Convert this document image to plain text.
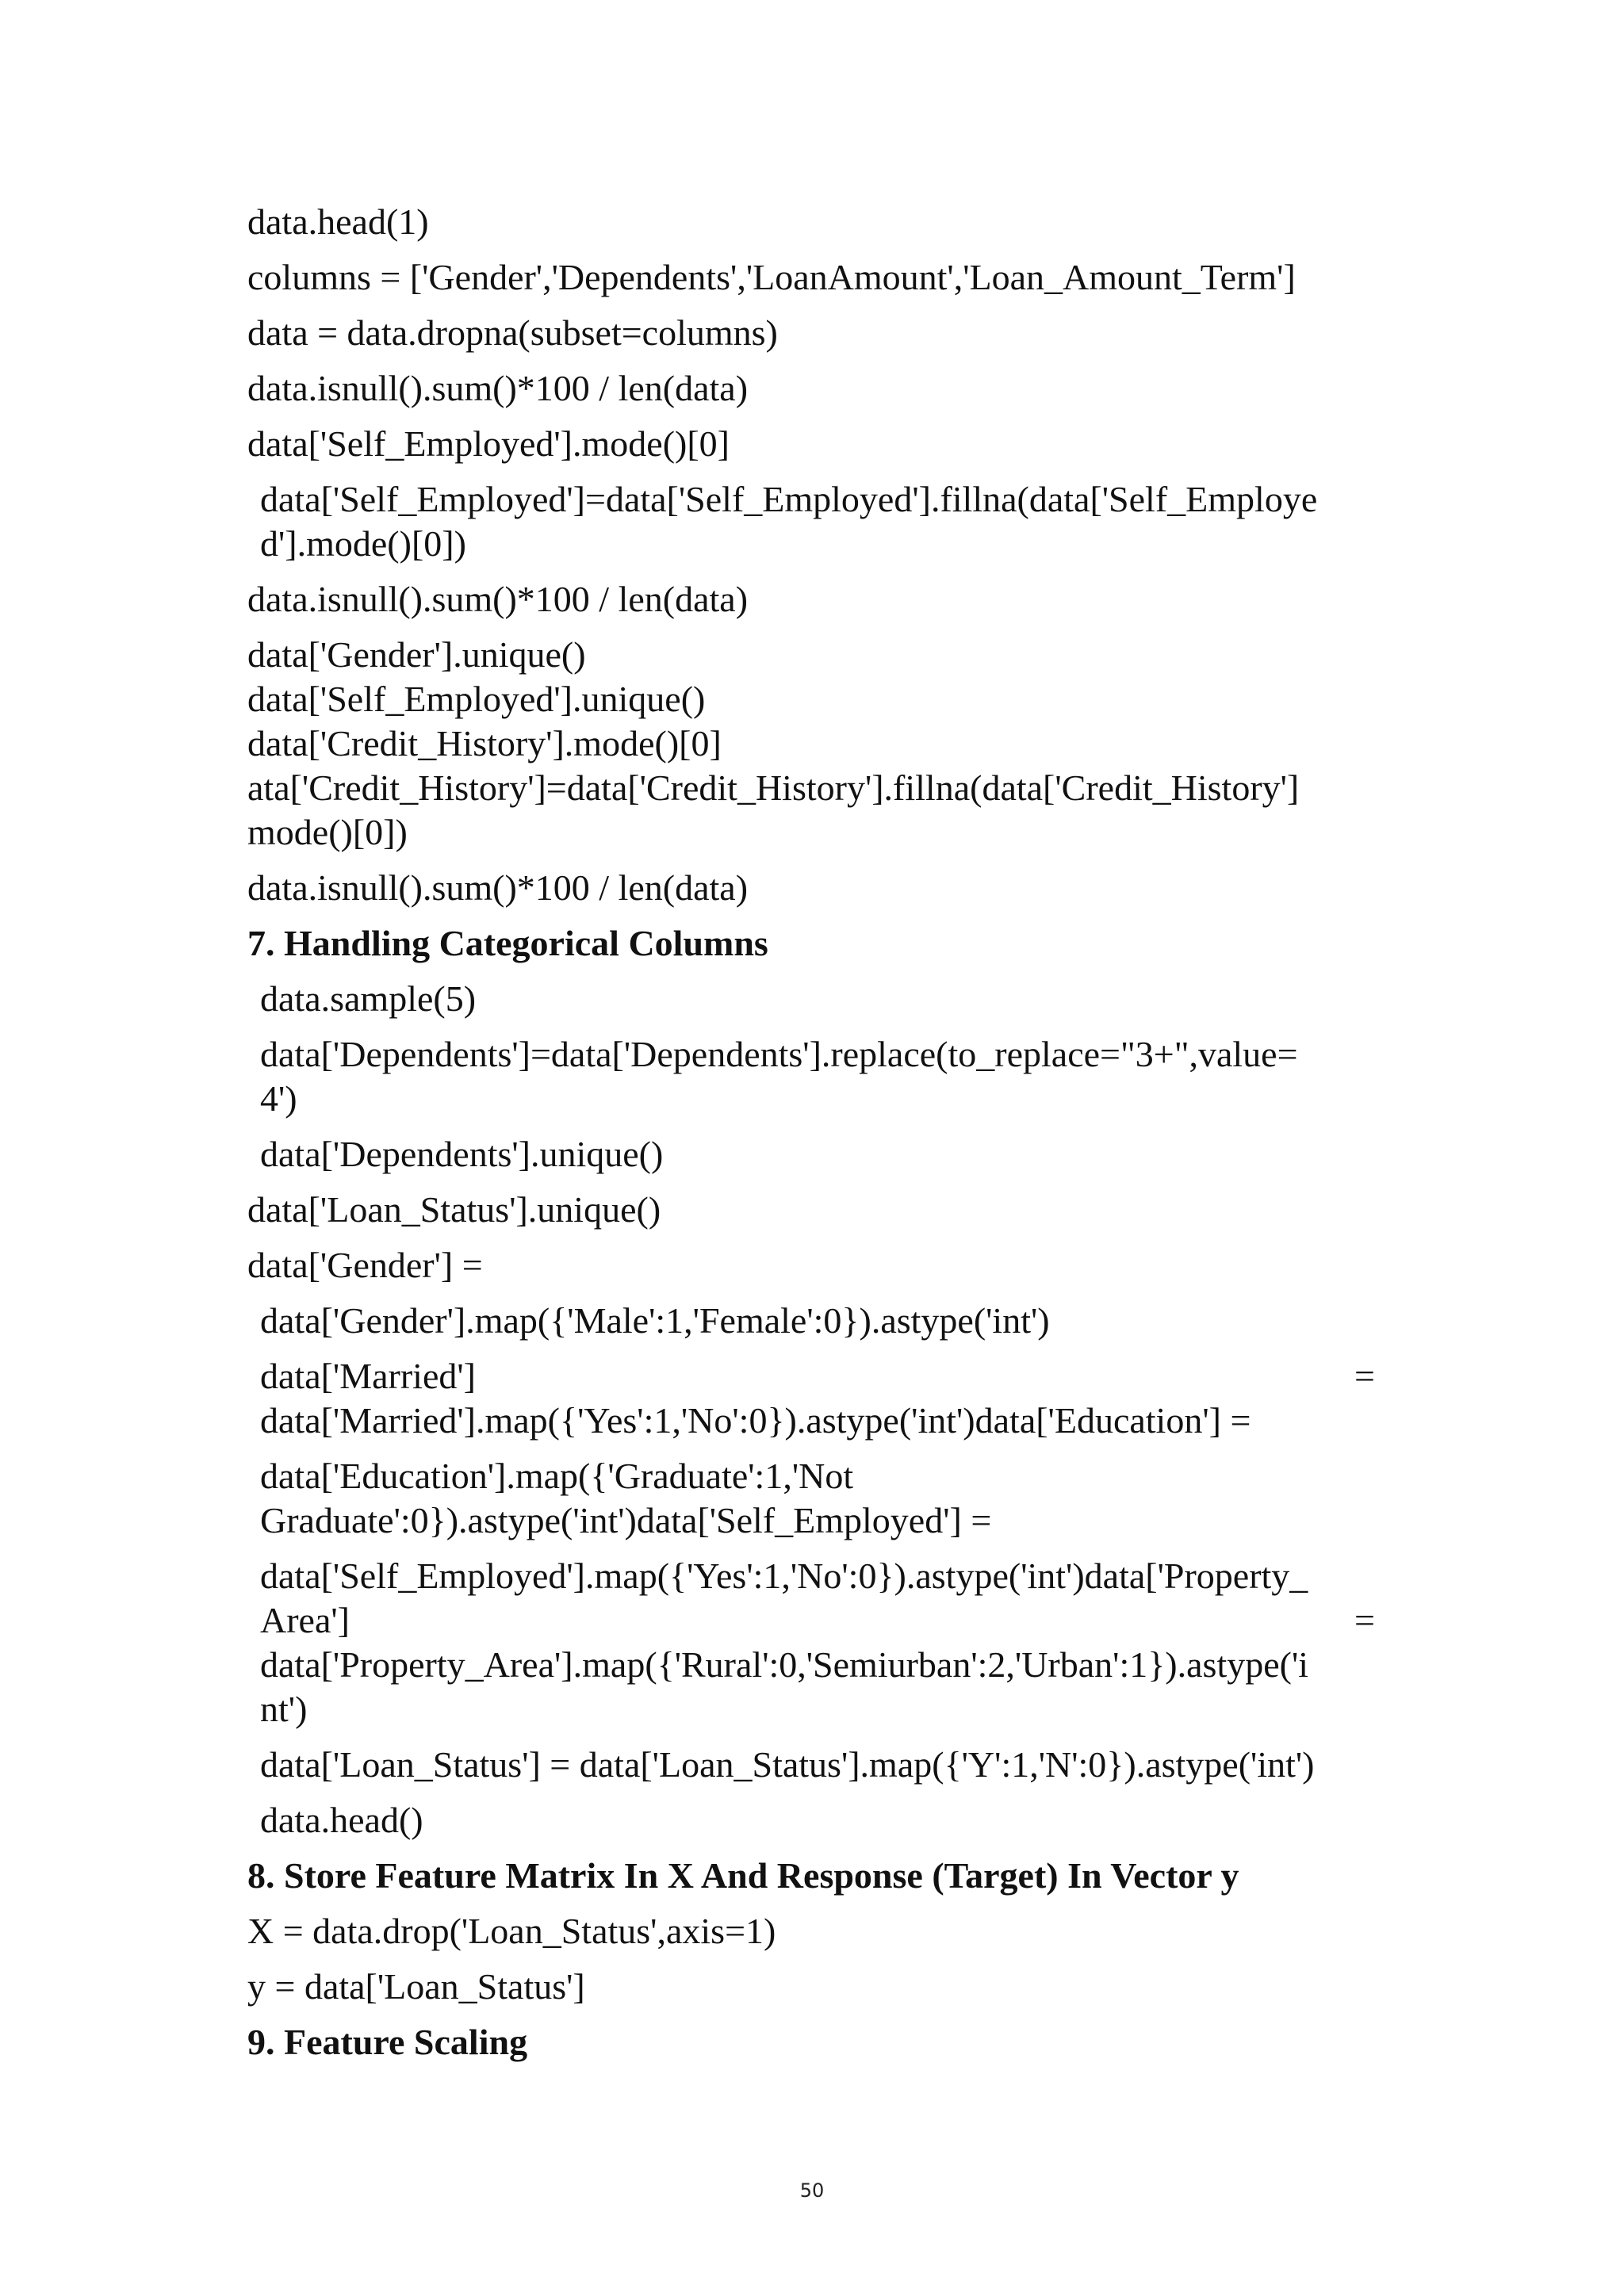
data.head(1)

columns = ['Gender','Dependents','LoanAmount','Loan_Amount_Term']

data = data.dropna(subset=columns)

data.isnull().sum()*100 / len(data)

data['Self_Employed'].mode()[0]

data['Self_Employed']=data['Self_Employed'].fillna(data['Self_Employe

d'].mode()[0])

data.isnull().sum()*100 / len(data)

data['Gender'].unique()

data['Self_Employed'].unique()

data['Credit_History'].mode()[0]

ata['Credit_History']=data['Credit_History'].fillna(data['Credit_History']

mode()[0])

data.isnull().sum()*100 / len(data)

7. Handling Categorical Columns

data.sample(5)

data['Dependents']=data['Dependents'].replace(to_replace="3+",value=

4')

data['Dependents'].unique()

data['Loan_Status'].unique()

data['Gender'] =

data['Gender'].map({'Male':1,'Female':0}).astype('int')

data['Married']	=

data['Married'].map({'Yes':1,'No':0}).astype('int')data['Education'] =

data['Education'].map({'Graduate':1,'Not

Graduate':0}).astype('int')data['Self_Employed'] =

data['Self_Employed'].map({'Yes':1,'No':0}).astype('int')data['Property_

Area']	=

data['Property_Area'].map({'Rural':0,'Semiurban':2,'Urban':1}).astype('i

nt')

data['Loan_Status'] = data['Loan_Status'].map({'Y':1,'N':0}).astype('int')

data.head()

8. Store Feature Matrix In X And Response (Target) In Vector y

X = data.drop('Loan_Status',axis=1)

y = data['Loan_Status']

9. Feature Scaling
50
